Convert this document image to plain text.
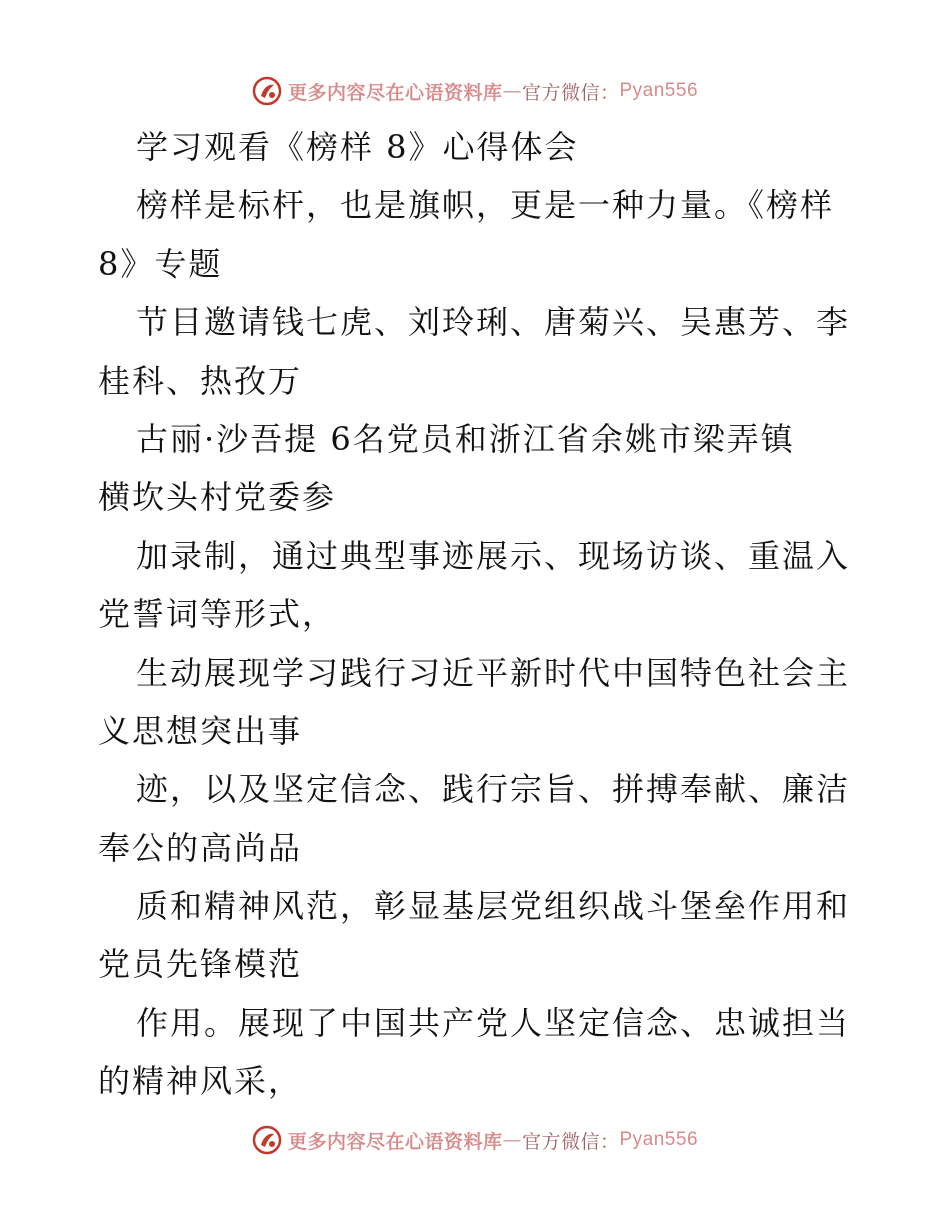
更多内容尽在心语资料库 — 官方微信： Pyan556
学习观看《榜样 8》心得体会
榜样是标杆，也是旗帜，更是一种力量。《榜样
8》专题
节目邀请钱七虎、刘玲琍、唐菊兴、吴惠芳、李
桂科、热孜万
古丽·沙吾提 6名党员和浙江省余姚市梁弄镇
横坎头村党委参
加录制，通过典型事迹展示、现场访谈、重温入
党誓词等形式，
生动展现学习践行习近平新时代中国特色社会主
义思想突出事
迹，以及坚定信念、践行宗旨、拼搏奉献、廉洁
奉公的高尚品
质和精神风范，彰显基层党组织战斗堡垒作用和
党员先锋模范
作用。展现了中国共产党人坚定信念、忠诚担当
的精神风采，
更多内容尽在心语资料库 — 官方微信： Pyan556
